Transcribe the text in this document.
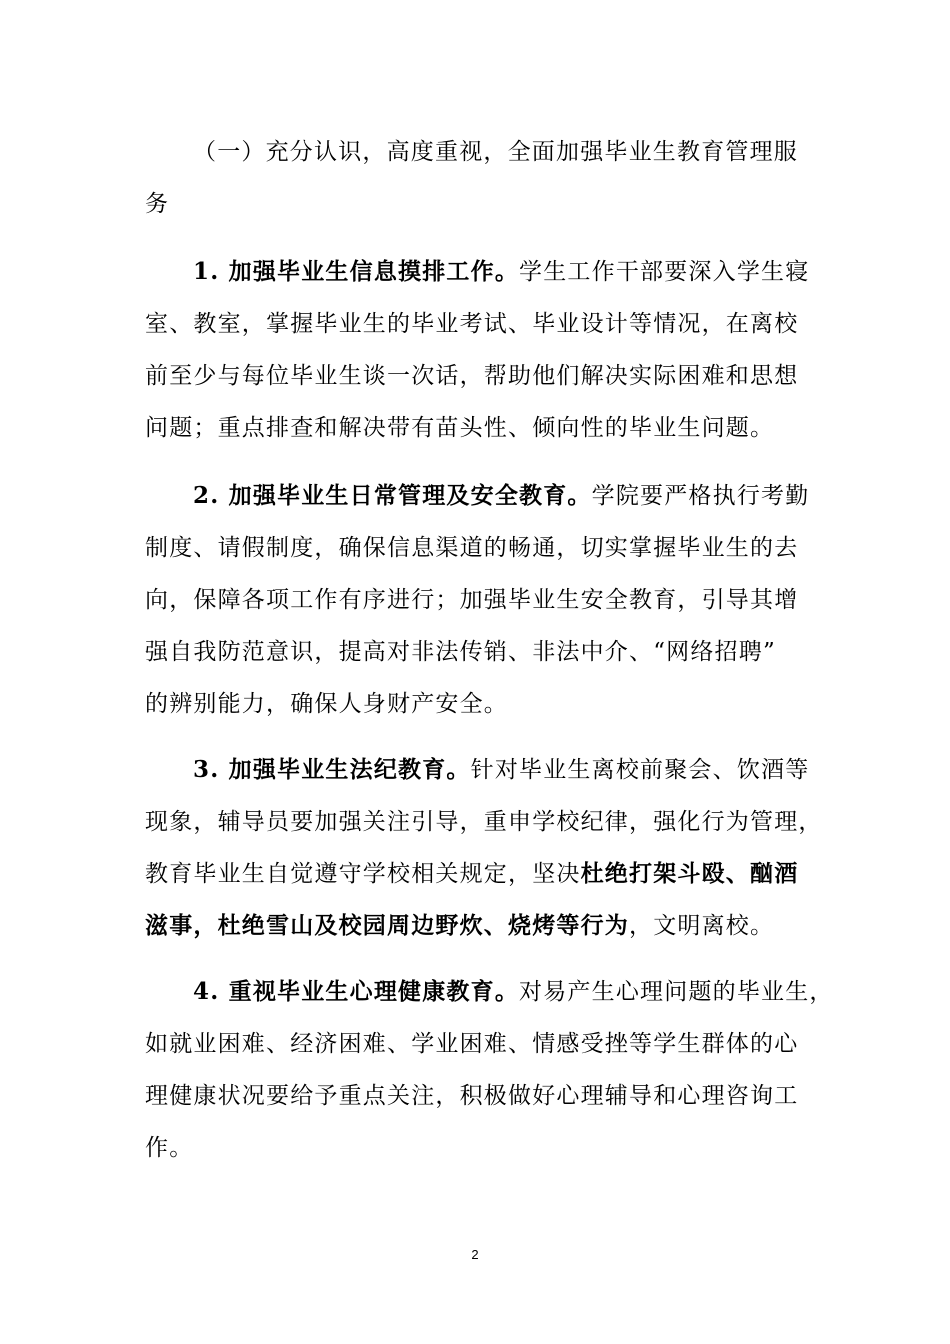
（一）充分认识，高度重视，全面加强毕业生教育管理服
务
1. 加强毕业生信息摸排工作。学生工作干部要深入学生寝
室、教室，掌握毕业生的毕业考试、毕业设计等情况，在离校
前至少与每位毕业生谈一次话，帮助他们解决实际困难和思想
问题；重点排查和解决带有苗头性、倾向性的毕业生问题。
2. 加强毕业生日常管理及安全教育。学院要严格执行考勤
制度、请假制度，确保信息渠道的畅通，切实掌握毕业生的去
向，保障各项工作有序进行；加强毕业生安全教育，引导其增
强自我防范意识，提高对非法传销、非法中介、“网络招聘”
的辨别能力，确保人身财产安全。
3. 加强毕业生法纪教育。针对毕业生离校前聚会、饮酒等
现象，辅导员要加强关注引导，重申学校纪律，强化行为管理，
教育毕业生自觉遵守学校相关规定，坚决杜绝打架斗殴、酗酒
滋事，杜绝雪山及校园周边野炊、烧烤等行为，文明离校。
4. 重视毕业生心理健康教育。对易产生心理问题的毕业生，
如就业困难、经济困难、学业困难、情感受挫等学生群体的心
理健康状况要给予重点关注，积极做好心理辅导和心理咨询工
作。
2
